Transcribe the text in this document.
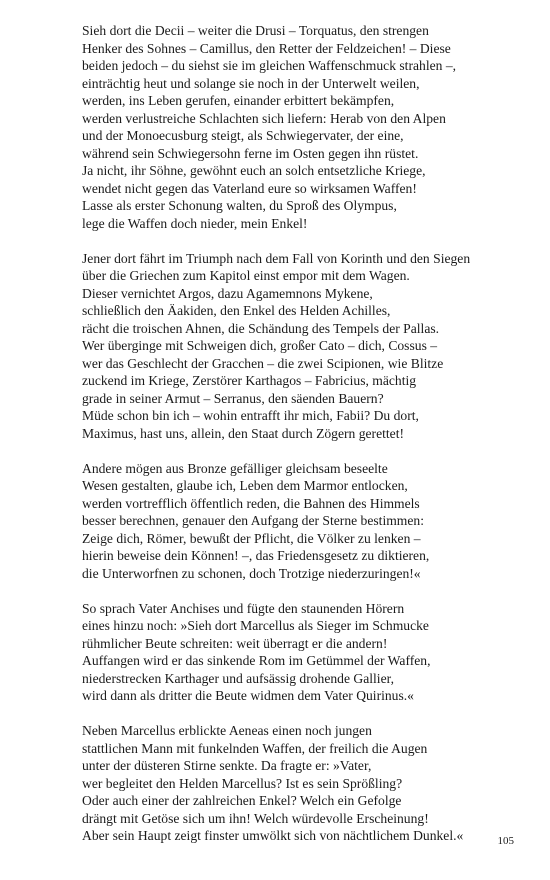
Sieh dort die Decii – weiter die Drusi – Torquatus, den strengen
Henker des Sohnes – Camillus, den Retter der Feldzeichen! – Diese
beiden jedoch – du siehst sie im gleichen Waffenschmuck strahlen –,
einträchtig heut und solange sie noch in der Unterwelt weilen,
werden, ins Leben gerufen, einander erbittert bekämpfen,
werden verlustreiche Schlachten sich liefern: Herab von den Alpen
und der Monoecusburg steigt, als Schwiegervater, der eine,
während sein Schwiegersohn ferne im Osten gegen ihn rüstet.
Ja nicht, ihr Söhne, gewöhnt euch an solch entsetzliche Kriege,
wendet nicht gegen das Vaterland eure so wirksamen Waffen!
Lasse als erster Schonung walten, du Sproß des Olympus,
lege die Waffen doch nieder, mein Enkel!
Jener dort fährt im Triumph nach dem Fall von Korinth und den Siegen
über die Griechen zum Kapitol einst empor mit dem Wagen.
Dieser vernichtet Argos, dazu Agamemnons Mykene,
schließlich den Äakiden, den Enkel des Helden Achilles,
rächt die troischen Ahnen, die Schändung des Tempels der Pallas.
Wer überginge mit Schweigen dich, großer Cato – dich, Cossus –
wer das Geschlecht der Gracchen – die zwei Scipionen, wie Blitze
zuckend im Kriege, Zerstörer Karthagos – Fabricius, mächtig
grade in seiner Armut – Serranus, den säenden Bauern?
Müde schon bin ich – wohin entrafft ihr mich, Fabii? Du dort,
Maximus, hast uns, allein, den Staat durch Zögern gerettet!
Andere mögen aus Bronze gefälliger gleichsam beseelte
Wesen gestalten, glaube ich, Leben dem Marmor entlocken,
werden vortrefflich öffentlich reden, die Bahnen des Himmels
besser berechnen, genauer den Aufgang der Sterne bestimmen:
Zeige dich, Römer, bewußt der Pflicht, die Völker zu lenken –
hierin beweise dein Können! –, das Friedensgesetz zu diktieren,
die Unterworfnen zu schonen, doch Trotzige niederzuringen!«
So sprach Vater Anchises und fügte den staunenden Hörern
eines hinzu noch: »Sieh dort Marcellus als Sieger im Schmucke
rühmlicher Beute schreiten: weit überragt er die andern!
Auffangen wird er das sinkende Rom im Getümmel der Waffen,
niederstrecken Karthager und aufsässig drohende Gallier,
wird dann als dritter die Beute widmen dem Vater Quirinus.«
Neben Marcellus erblickte Aeneas einen noch jungen
stattlichen Mann mit funkelnden Waffen, der freilich die Augen
unter der düsteren Stirne senkte. Da fragte er: »Vater,
wer begleitet den Helden Marcellus? Ist es sein Sprößling?
Oder auch einer der zahlreichen Enkel? Welch ein Gefolge
drängt mit Getöse sich um ihn! Welch würdevolle Erscheinung!
Aber sein Haupt zeigt finster umwölkt sich von nächtlichem Dunkel.«	105
